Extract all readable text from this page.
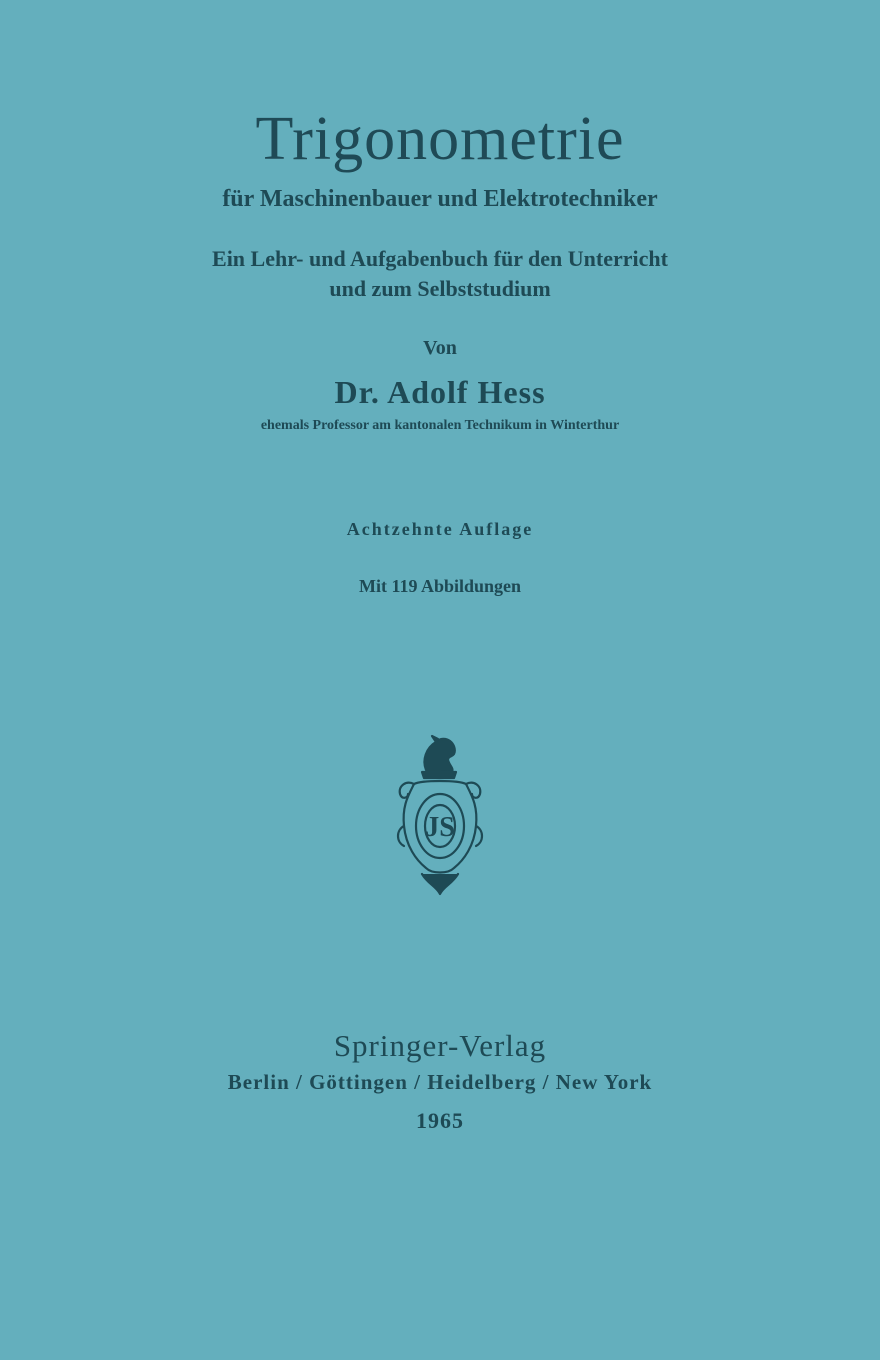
Trigonometrie
für Maschinenbauer und Elektrotechniker
Ein Lehr- und Aufgabenbuch für den Unterricht
und zum Selbststudium
Von
Dr. Adolf Hess
ehemals Professor am kantonalen Technikum in Winterthur
Achtzehnte Auflage
Mit 119 Abbildungen
JS
Springer-Verlag
Berlin / Göttingen / Heidelberg / New York
1965
